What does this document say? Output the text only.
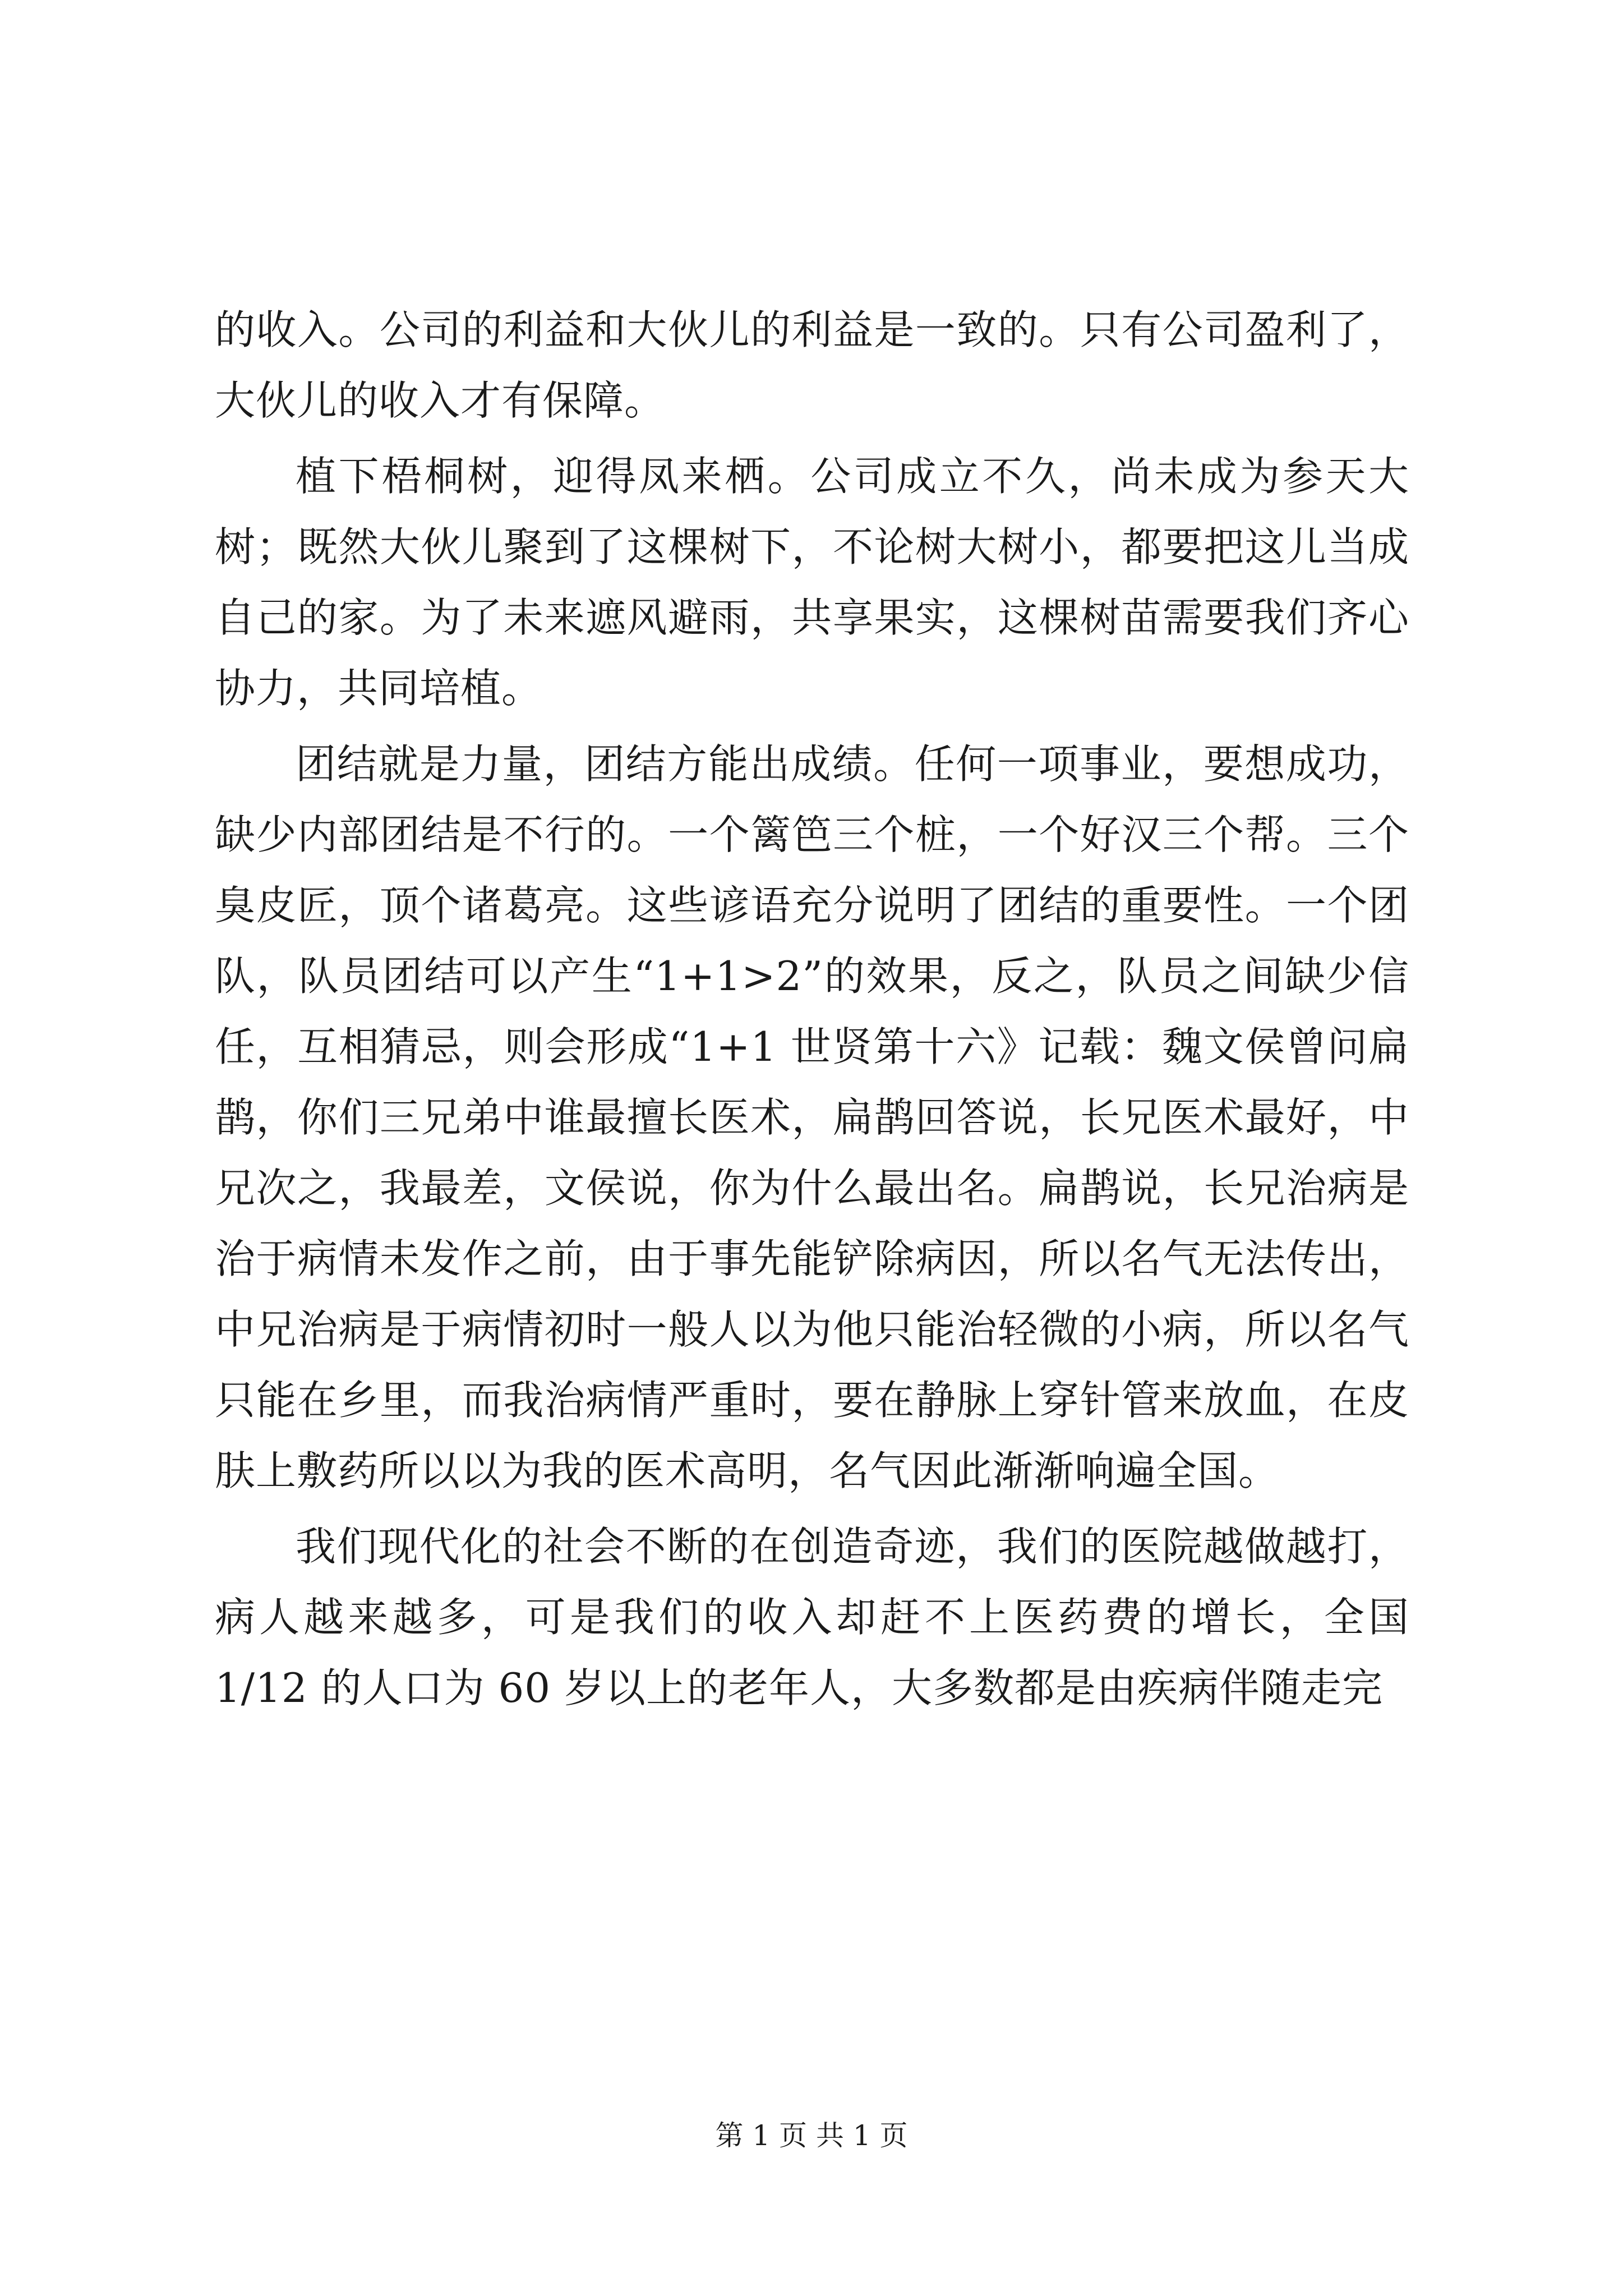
的收入。公司的利益和大伙儿的利益是一致的。只有公司盈利了，大伙儿的收入才有保障。

植下梧桐树，迎得凤来栖。公司成立不久，尚未成为参天大树；既然大伙儿聚到了这棵树下，不论树大树小，都要把这儿当成自己的家。为了未来遮风避雨，共享果实，这棵树苗需要我们齐心协力，共同培植。

团结就是力量，团结方能出成绩。任何一项事业，要想成功，缺少内部团结是不行的。一个篱笆三个桩，一个好汉三个帮。三个臭皮匠，顶个诸葛亮。这些谚语充分说明了团结的重要性。一个团队，队员团结可以产生“1+1>2”的效果，反之，队员之间缺少信任，互相猜忌，则会形成“1+1 世贤第十六》记载：魏文侯曾问扁鹊，你们三兄弟中谁最擅长医术，扁鹊回答说，长兄医术最好，中兄次之，我最差，文侯说，你为什么最出名。扁鹊说，长兄治病是治于病情未发作之前，由于事先能铲除病因，所以名气无法传出，中兄治病是于病情初时一般人以为他只能治轻微的小病，所以名气只能在乡里，而我治病情严重时，要在静脉上穿针管来放血，在皮肤上敷药所以以为我的医术高明，名气因此渐渐响遍全国。

我们现代化的社会不断的在创造奇迹，我们的医院越做越打，病人越来越多，可是我们的收入却赶不上医药费的增长，全国 1/12 的人口为 60 岁以上的老年人，大多数都是由疾病伴随走完

第 1 页 共 1 页
